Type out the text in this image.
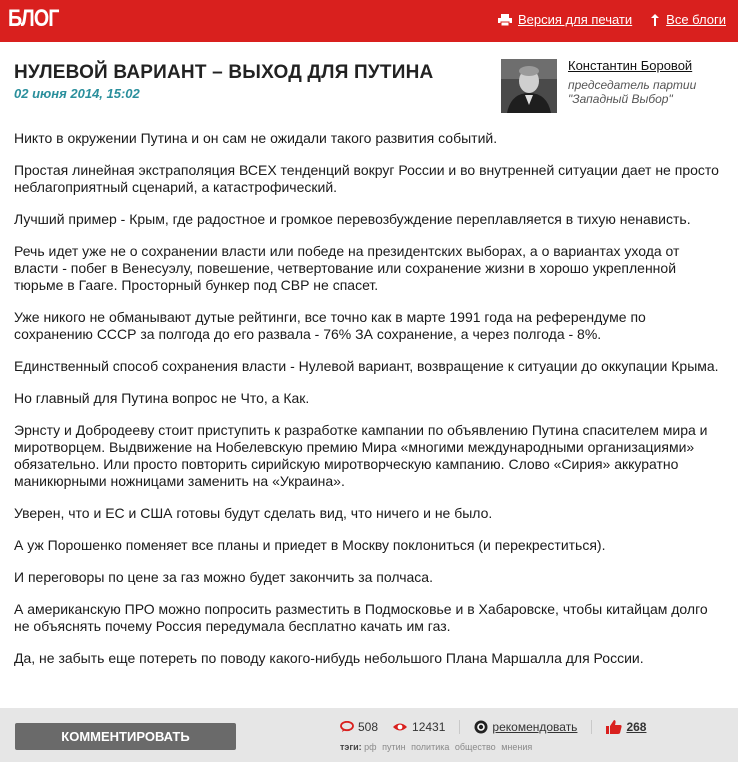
БЛОГ	Версия для печати	Все блоги
НУЛЕВОЙ ВАРИАНТ – ВЫХОД ДЛЯ ПУТИНА
02 июня 2014, 15:02
Константин Боровой
председатель партии "Западный Выбор"

Никто в окружении Путина и он сам не ожидали такого развития событий.

Простая линейная экстраполяция ВСЕХ тенденций вокруг России и во внутренней ситуации дает не просто неблагоприятный сценарий, а катастрофический.

Лучший пример - Крым, где радостное и громкое перевозбуждение переплавляется в тихую ненависть.

Речь идет уже не о сохранении власти или победе на президентских выборах, а о вариантах ухода от власти - побег в Венесуэлу, повешение, четвертование или сохранение жизни в хорошо укрепленной тюрьме в Гааге. Просторный бункер под СВР не спасет.

Уже никого не обманывают дутые рейтинги, все точно как в марте 1991 года на референдуме по сохранению СССР за полгода до его развала - 76% ЗА сохранение, а через полгода - 8%.

Единственный способ сохранения власти - Нулевой вариант, возвращение к ситуации до оккупации Крыма.

Но главный для Путина вопрос не Что, а Как.

Эрнсту и Добродееву стоит приступить к разработке кампании по объявлению Путина спасителем мира и миротворцем. Выдвижение на Нобелевскую премию Мира «многими международными организациями» обязательно. Или просто повторить сирийскую миротворческую кампанию. Слово «Сирия» аккуратно маникюрными ножницами заменить на «Украина».

Уверен, что и ЕС и США готовы будут сделать вид, что ничего и не было.

А уж Порошенко поменяет все планы и приедет в Москву поклониться (и перекреститься).

И переговоры по цене за газ можно будет закончить за полчаса.

А американскую ПРО можно попросить разместить в Подмосковье и в Хабаровске, чтобы китайцам долго не объяснять почему Россия передумала бесплатно качать им газ.

Да, не забыть еще потереть по поводу какого-нибудь небольшого Плана Маршалла для России.

КОММЕНТИРОВАТЬ
508	12431	рекомендовать	268
тэги: рф путин политика общество мнения
